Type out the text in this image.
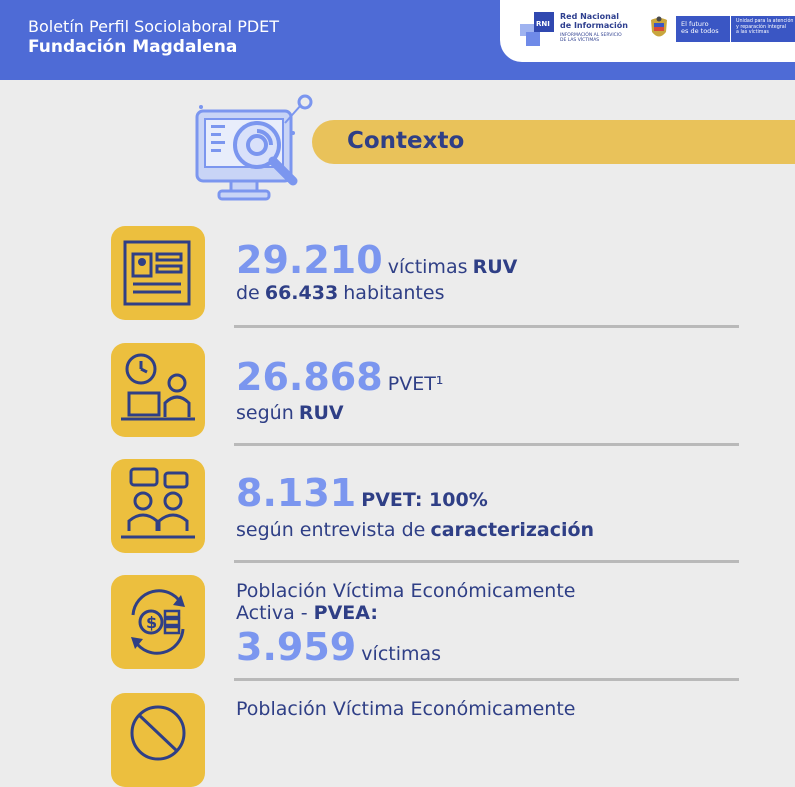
Boletín Perfil Sociolaboral PDET
Fundación Magdalena
RNI
Red Nacional
de Información
INFORMACIÓN AL SERVICIO
DE LAS VÍCTIMAS
El futuro
es de todos
Unidad para la atención
y reparación integral
a las víctimas
Contexto
29.210 víctimas RUV
de 66.433 habitantes
26.868 PVET¹
según RUV
8.131 PVET: 100%
según entrevista de caracterización
$
Población Víctima Económicamente
Activa - PVEA:
3.959 víctimas
Población Víctima Económicamente
